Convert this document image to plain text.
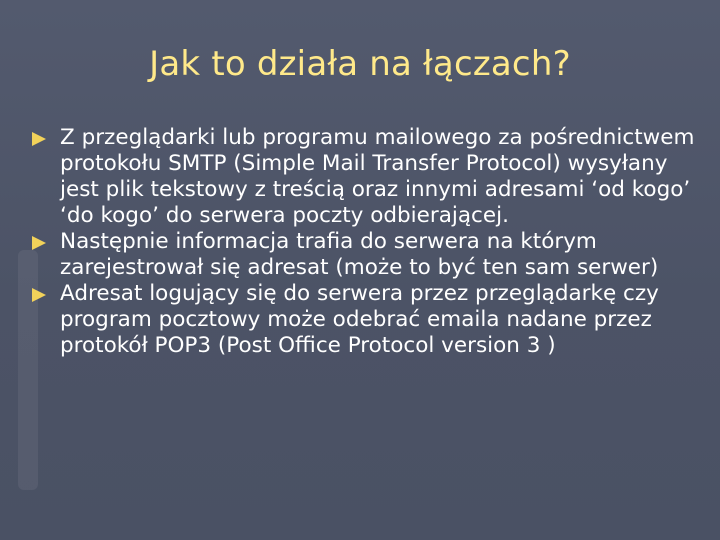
Jak to działa na łączach?

Z przeglądarki lub programu mailowego za pośrednictwem protokołu SMTP (Simple Mail Transfer Protocol) wysyłany jest plik tekstowy z treścią oraz innymi adresami ‘od kogo’ ‘do kogo’ do serwera poczty odbierającej.

Następnie informacja trafia do serwera na którym zarejestrował się adresat (może to być ten sam serwer)

Adresat logujący się do serwera przez przeglądarkę czy program pocztowy może odebrać emaila nadane przez protokół POP3 (Post Office Protocol version 3 )
